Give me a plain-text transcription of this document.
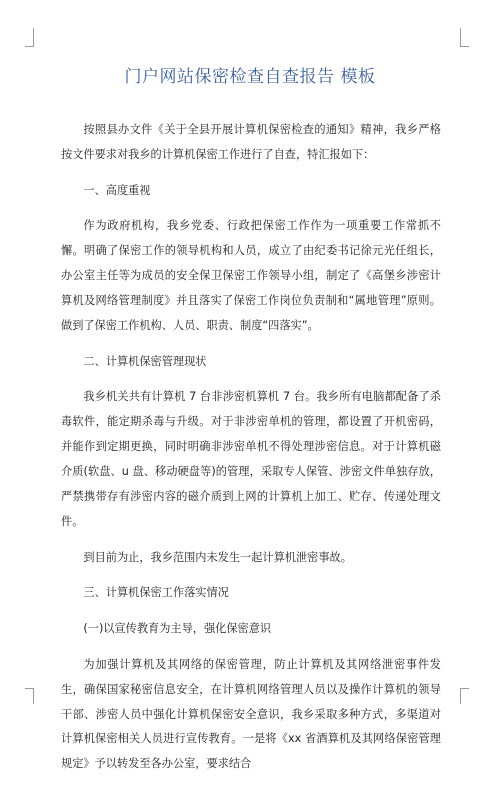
门户网站保密检查自查报告 模板

按照县办文件《关于全县开展计算机保密检查的通知》精神，我乡严格按文件要求对我乡的计算机保密工作进行了自查，特汇报如下：

一、高度重视

作为政府机构，我乡党委、行政把保密工作作为一项重要工作常抓不懈。明确了保密工作的领导机构和人员，成立了由纪委书记徐元光任组长，办公室主任等为成员的安全保卫保密工作领导小组，制定了《高堡乡涉密计算机及网络管理制度》并且落实了保密工作岗位负责制和“属地管理”原则。做到了保密工作机构、人员、职责、制度“四落实”。

二、计算机保密管理现状

我乡机关共有计算机 7 台非涉密机算机 7 台。我乡所有电脑都配备了杀毒软件，能定期杀毒与升级。对于非涉密单机的管理，都设置了开机密码，并能作到定期更换，同时明确非涉密单机不得处理涉密信息。对于计算机磁介质(软盘、u 盘、移动硬盘等)的管理，采取专人保管、涉密文件单独存放，严禁携带存有涉密内容的磁介质到上网的计算机上加工、贮存、传递处理文件。

到目前为止，我乡范围内未发生一起计算机泄密事故。

三、计算机保密工作落实情况

(一)以宣传教育为主导，强化保密意识

为加强计算机及其网络的保密管理，防止计算机及其网络泄密事件发生，确保国家秘密信息安全，在计算机网络管理人员以及操作计算机的领导干部、涉密人员中强化计算机保密安全意识，我乡采取多种方式，多渠道对计算机保密相关人员进行宣传教育。一是将《xx 省酒算机及其网络保密管理规定》予以转发至各办公室，要求结合
